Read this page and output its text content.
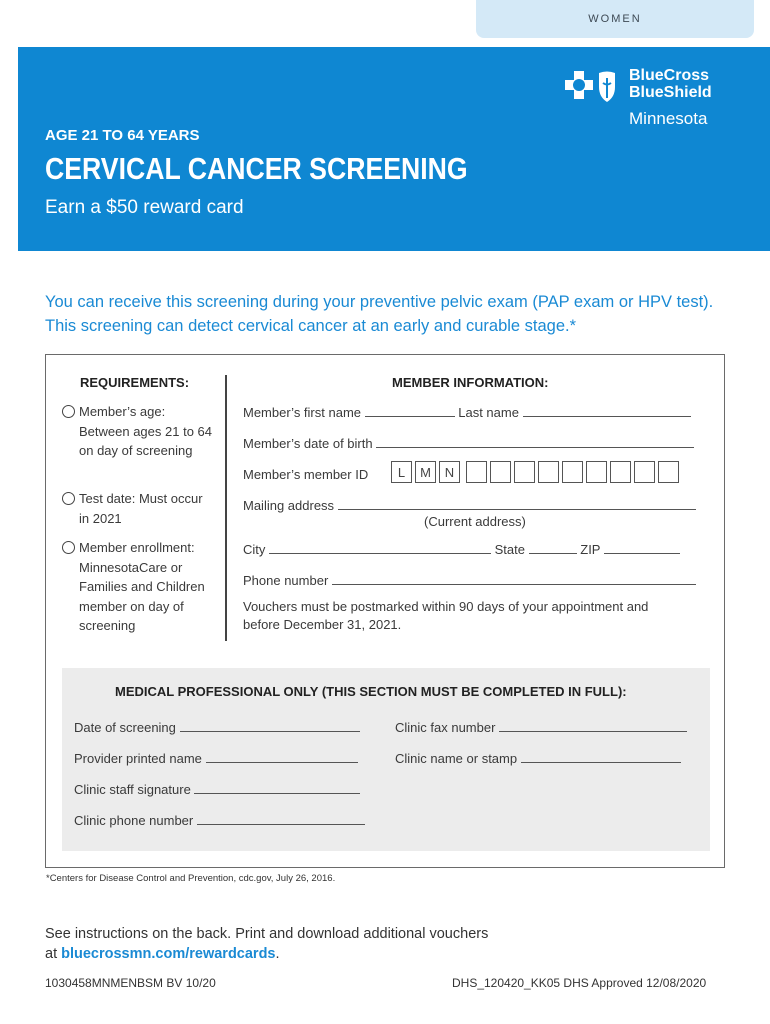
WOMEN
BlueCross
BlueShield
Minnesota
AGE 21 TO 64 YEARS
CERVICAL CANCER SCREENING
Earn a $50 reward card
You can receive this screening during your preventive pelvic exam (PAP exam or HPV test). This screening can detect cervical cancer at an early and curable stage.*
REQUIREMENTS:	MEMBER INFORMATION:
Member’s age: Between ages 21 to 64 on day of screening
Test date: Must occur in 2021
Member enrollment: MinnesotaCare or Families and Children member on day of screening
Member’s first name	Last name
Member’s date of birth
Member’s member ID	L	M	N
Mailing address
(Current address)
City	State	ZIP
Phone number
Vouchers must be postmarked within 90 days of your appointment and before December 31, 2021.
MEDICAL PROFESSIONAL ONLY (THIS SECTION MUST BE COMPLETED IN FULL):
Date of screening
Provider printed name
Clinic staff signature
Clinic phone number
Clinic fax number
Clinic name or stamp
*Centers for Disease Control and Prevention, cdc.gov, July 26, 2016.
See instructions on the back. Print and download additional vouchers
at bluecrossmn.com/rewardcards.
1030458MNMENBSM BV 10/20	DHS_120420_KK05 DHS Approved 12/08/2020
